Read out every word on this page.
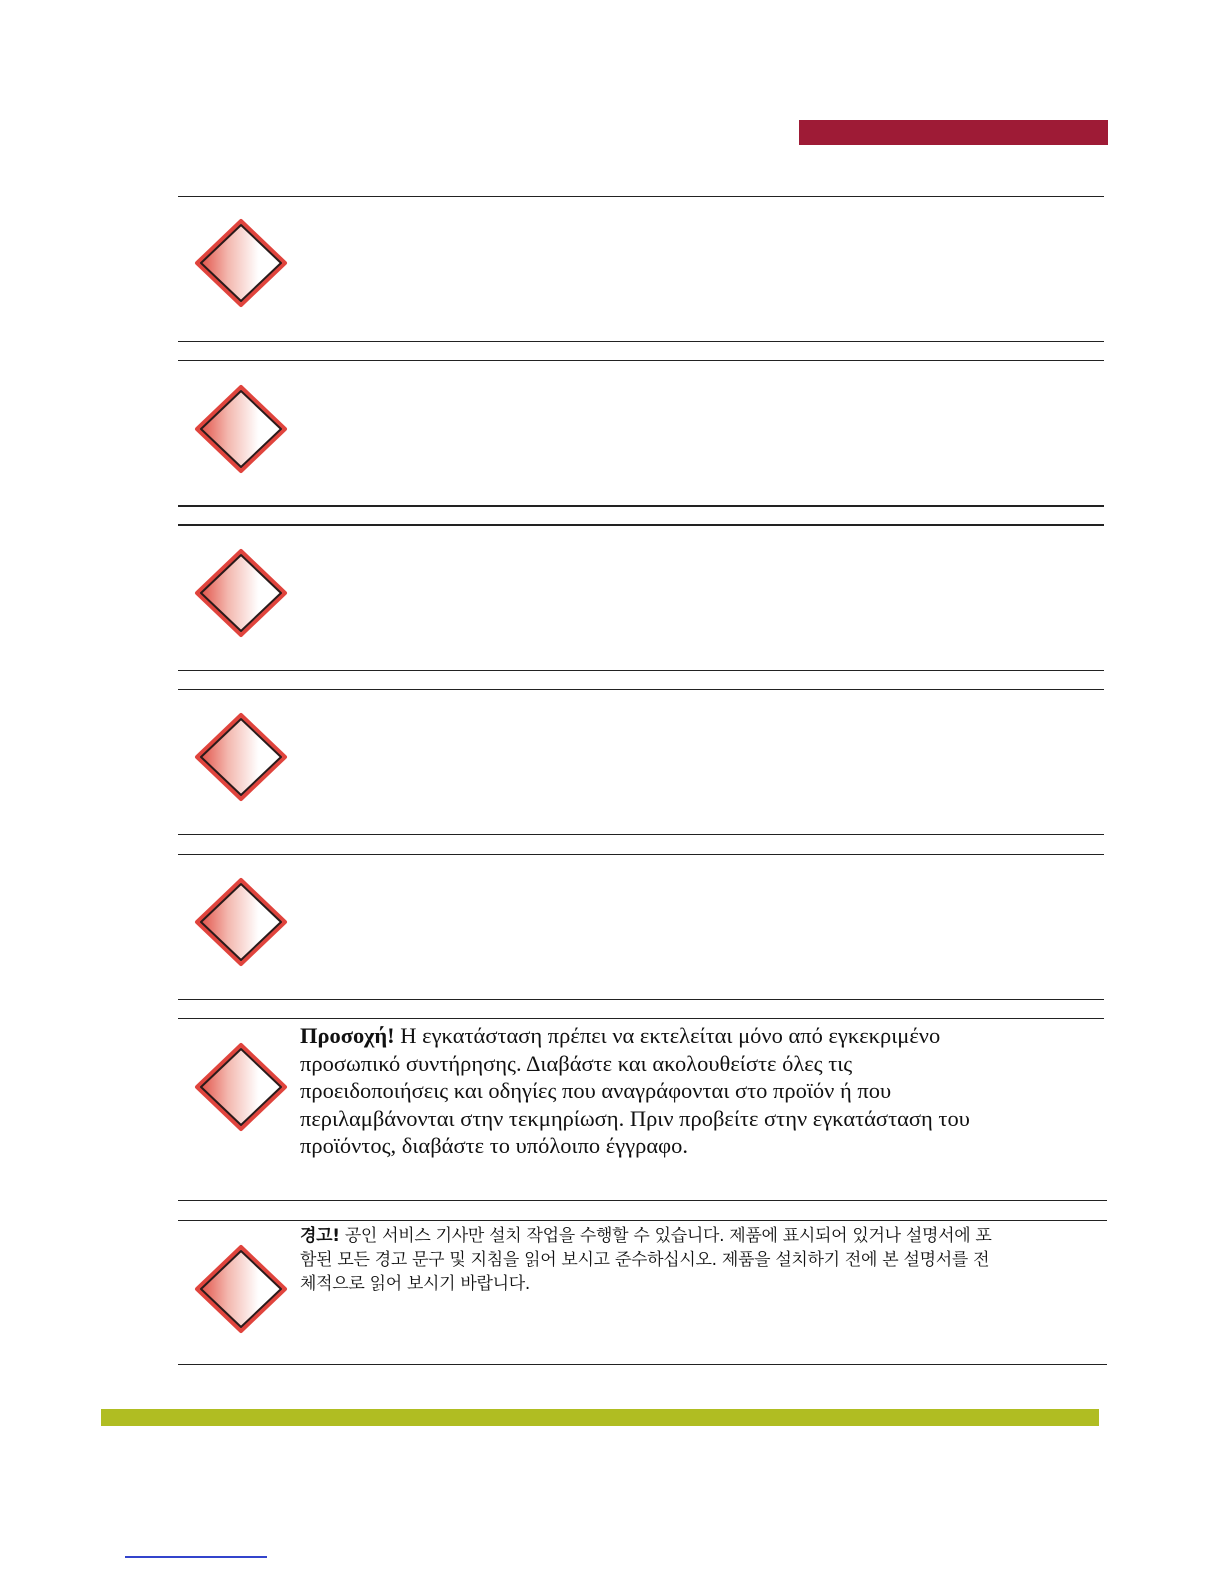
Προσοχή! Η εγκατάσταση πρέπει να εκτελείται μόνο από εγκεκριμένο προσωπικό συντήρησης. Διαβάστε και ακολουθείστε όλες τις προειδοποιήσεις και οδηγίες που αναγράφονται στο προϊόν ή που περιλαμβάνονται στην τεκμηρίωση. Πριν προβείτε στην εγκατάσταση του προϊόντος, διαβάστε το υπόλοιπο έγγραφο.

경고! 공인 서비스 기사만 설치 작업을 수행할 수 있습니다. 제품에 표시되어 있거나 설명서에 포함된 모든 경고 문구 및 지침을 읽어 보시고 준수하십시오. 제품을 설치하기 전에 본 설명서를 전체적으로 읽어 보시기 바랍니다.
